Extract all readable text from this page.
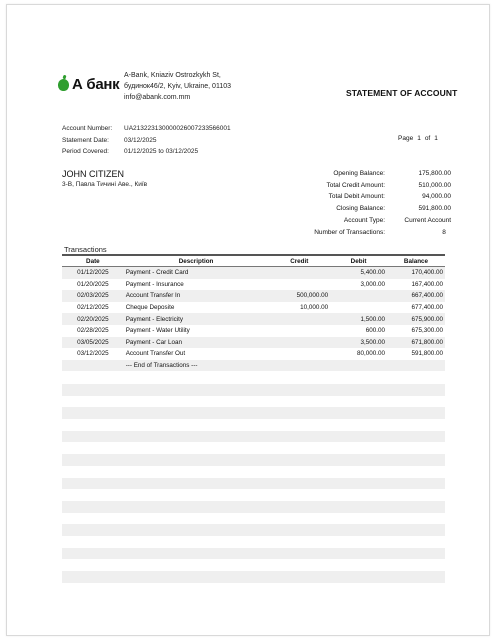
А банк
A-Bank, Kniaziv Ostrozkykh St,
будинок46/2, Kyiv, Ukraine, 01103
info@abank.com.mm	STATEMENT OF ACCOUNT
Account Number:	UA213223130000026007233566001
Statement Date:	03/12/2025
Period Covered:	01/12/2025 to 03/12/2025
Page 1 of 1
JOHN CITIZEN
3-В, Павла Тичині Аве., Київ
Opening Balance:	175,800.00
Total Credit Amount:	510,000.00
Total Debit Amount:	94,000.00
Closing Balance:	591,800.00
Account Type:	Current Account
Number of Transactions:	8
Transactions
Date	Description	Credit	Debit	Balance
01/12/2025	Payment - Credit Card		5,400.00	170,400.00
01/20/2025	Payment - Insurance		3,000.00	167,400.00
02/03/2025	Account Transfer In	500,000.00		667,400.00
02/12/2025	Cheque Deposite	10,000.00		677,400.00
02/20/2025	Payment - Electricity		1,500.00	675,900.00
02/28/2025	Payment - Water Utility		600.00	675,300.00
03/05/2025	Payment - Car Loan		3,500.00	671,800.00
03/12/2025	Account Transfer Out		80,000.00	591,800.00
	--- End of Transactions ---			
